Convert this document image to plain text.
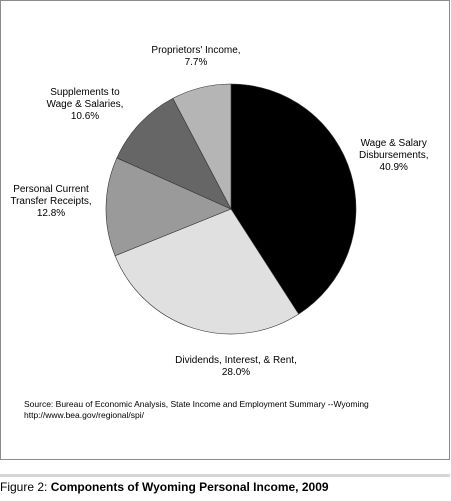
Wage & Salary
Disbursements,
40.9%
Dividends, Interest, & Rent,
28.0%
Personal Current
Transfer Receipts,
12.8%
Supplements to
Wage & Salaries,
10.6%
Proprietors' Income,
7.7%
Source: Bureau of Economic Analysis, State Income and Employment Summary --Wyoming
http://www.bea.gov/regional/spi/
Figure 2: Components of Wyoming Personal Income, 2009
